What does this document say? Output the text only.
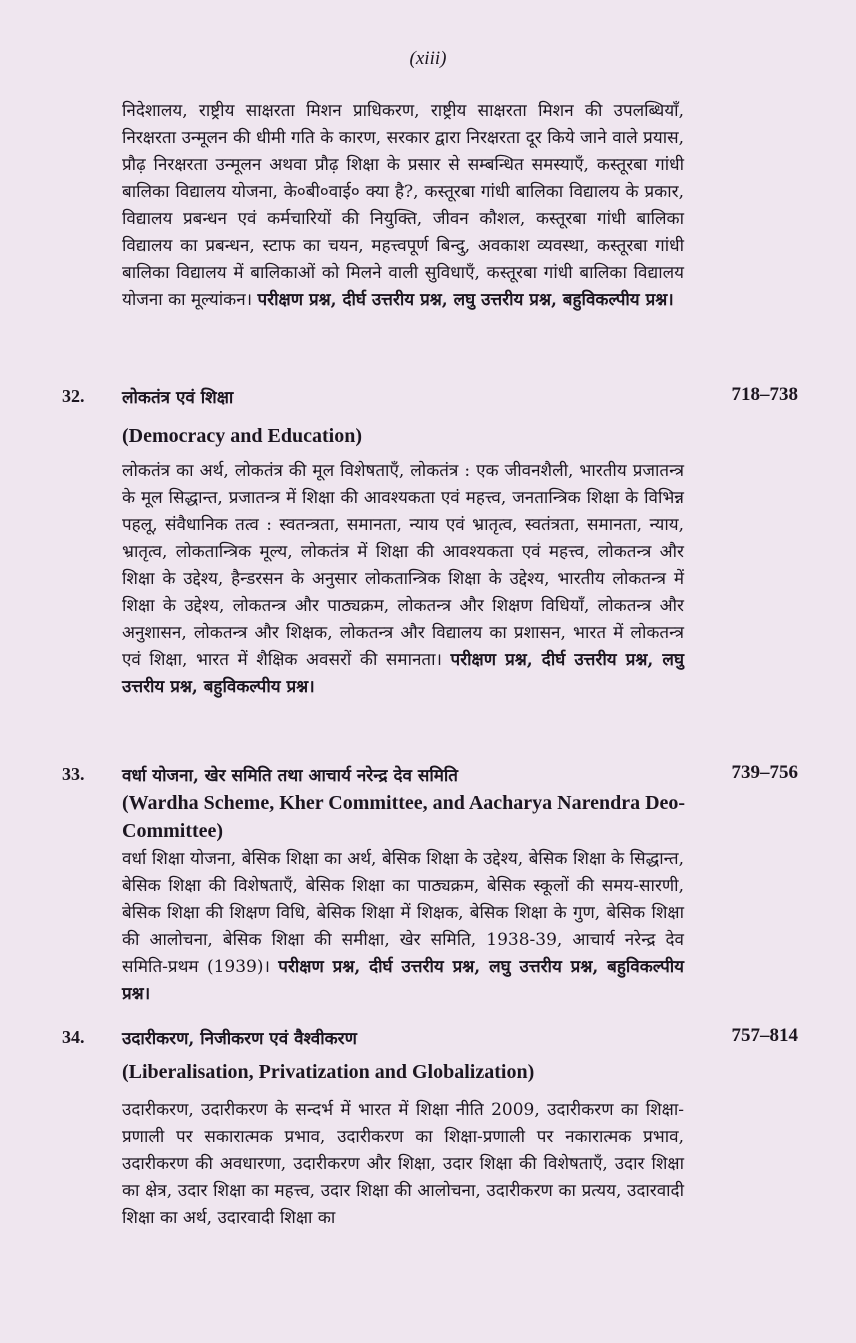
(xiii)
निदेशालय, राष्ट्रीय साक्षरता मिशन प्राधिकरण, राष्ट्रीय साक्षरता मिशन की उपलब्धियाँ, निरक्षरता उन्मूलन की धीमी गति के कारण, सरकार द्वारा निरक्षरता दूर किये जाने वाले प्रयास, प्रौढ़ निरक्षरता उन्मूलन अथवा प्रौढ़ शिक्षा के प्रसार से सम्बन्धित समस्याएँ, कस्तूरबा गांधी बालिका विद्यालय योजना, के०बी०वाई० क्या है?, कस्तूरबा गांधी बालिका विद्यालय के प्रकार, विद्यालय प्रबन्धन एवं कर्मचारियों की नियुक्ति, जीवन कौशल, कस्तूरबा गांधी बालिका विद्यालय का प्रबन्धन, स्टाफ का चयन, महत्त्वपूर्ण बिन्दु, अवकाश व्यवस्था, कस्तूरबा गांधी बालिका विद्यालय में बालिकाओं को मिलने वाली सुविधाएँ, कस्तूरबा गांधी बालिका विद्यालय योजना का मूल्यांकन। परीक्षण प्रश्न, दीर्घ उत्तरीय प्रश्न, लघु उत्तरीय प्रश्न, बहुविकल्पीय प्रश्न।
32. लोकतंत्र एवं शिक्षा	718–738
(Democracy and Education)
लोकतंत्र का अर्थ, लोकतंत्र की मूल विशेषताएँ, लोकतंत्र : एक जीवनशैली, भारतीय प्रजातन्त्र के मूल सिद्धान्त, प्रजातन्त्र में शिक्षा की आवश्यकता एवं महत्त्व, जनतान्त्रिक शिक्षा के विभिन्न पहलू, संवैधानिक तत्व : स्वतन्त्रता, समानता, न्याय एवं भ्रातृत्व, स्वतंत्रता, समानता, न्याय, भ्रातृत्व, लोकतान्त्रिक मूल्य, लोकतंत्र में शिक्षा की आवश्यकता एवं महत्त्व, लोकतन्त्र और शिक्षा के उद्देश्य, हैन्डरसन के अनुसार लोकतान्त्रिक शिक्षा के उद्देश्य, भारतीय लोकतन्त्र में शिक्षा के उद्देश्य, लोकतन्त्र और पाठ्यक्रम, लोकतन्त्र और शिक्षण विधियाँ, लोकतन्त्र और अनुशासन, लोकतन्त्र और शिक्षक, लोकतन्त्र और विद्यालय का प्रशासन, भारत में लोकतन्त्र एवं शिक्षा, भारत में शैक्षिक अवसरों की समानता। परीक्षण प्रश्न, दीर्घ उत्तरीय प्रश्न, लघु उत्तरीय प्रश्न, बहुविकल्पीय प्रश्न।
33. वर्धा योजना, खेर समिति तथा आचार्य नरेन्द्र देव समिति	739–756
(Wardha Scheme, Kher Committee, and Aacharya Narendra Deo-Committee)
वर्धा शिक्षा योजना, बेसिक शिक्षा का अर्थ, बेसिक शिक्षा के उद्देश्य, बेसिक शिक्षा के सिद्धान्त, बेसिक शिक्षा की विशेषताएँ, बेसिक शिक्षा का पाठ्यक्रम, बेसिक स्कूलों की समय-सारणी, बेसिक शिक्षा की शिक्षण विधि, बेसिक शिक्षा में शिक्षक, बेसिक शिक्षा के गुण, बेसिक शिक्षा की आलोचना, बेसिक शिक्षा की समीक्षा, खेर समिति, 1938-39, आचार्य नरेन्द्र देव समिति-प्रथम (1939)। परीक्षण प्रश्न, दीर्घ उत्तरीय प्रश्न, लघु उत्तरीय प्रश्न, बहुविकल्पीय प्रश्न।
34. उदारीकरण, निजीकरण एवं वैश्वीकरण	757–814
(Liberalisation, Privatization and Globalization)
उदारीकरण, उदारीकरण के सन्दर्भ में भारत में शिक्षा नीति 2009, उदारीकरण का शिक्षा-प्रणाली पर सकारात्मक प्रभाव, उदारीकरण का शिक्षा-प्रणाली पर नकारात्मक प्रभाव, उदारीकरण की अवधारणा, उदारीकरण और शिक्षा, उदार शिक्षा की विशेषताएँ, उदार शिक्षा का क्षेत्र, उदार शिक्षा का महत्त्व, उदार शिक्षा की आलोचना, उदारीकरण का प्रत्यय, उदारवादी शिक्षा का अर्थ, उदारवादी शिक्षा का
